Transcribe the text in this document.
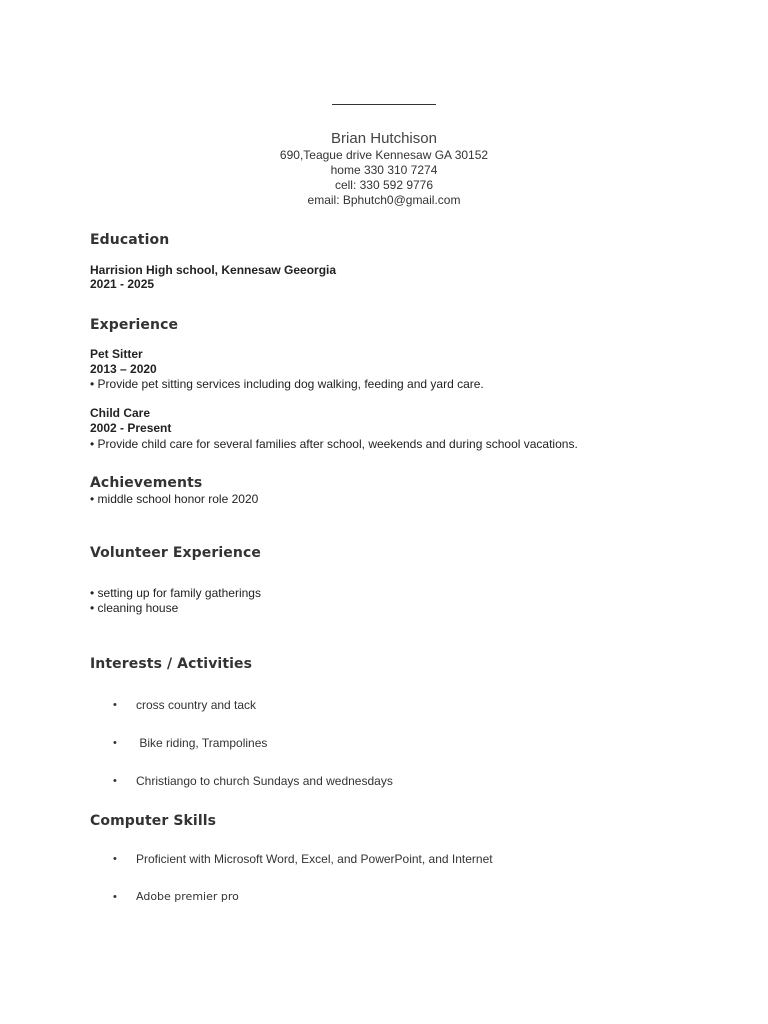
Brian Hutchison
690,Teague drive Kennesaw GA 30152
home 330 310 7274
cell: 330 592 9776
email: Bphutch0@gmail.com
Education
Harrision High school, Kennesaw Geeorgia
2021 - 2025
Experience
Pet Sitter
2013 – 2020
• Provide pet sitting services including dog walking, feeding and yard care.
Child Care
2002 - Present
• Provide child care for several families after school, weekends and during school vacations.
Achievements
• middle school honor role 2020
Volunteer Experience
• setting up for family gatherings
• cleaning house
Interests / Activities
• cross country and tack
• Bike riding, Trampolines
• Christiango to church Sundays and wednesdays
Computer Skills
• Proficient with Microsoft Word, Excel, and PowerPoint, and Internet
• Adobe premier pro
